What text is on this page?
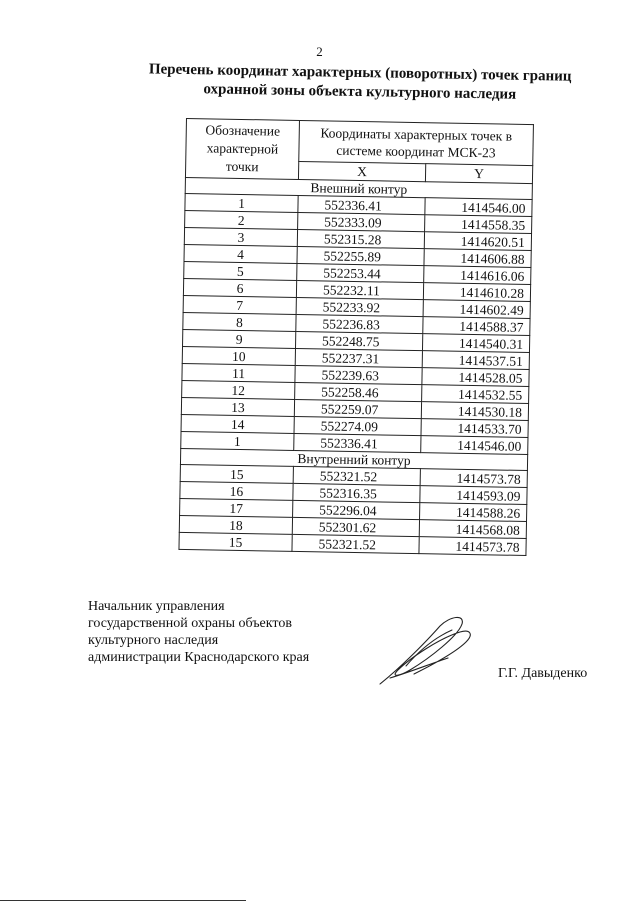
2
Перечень координат характерных (поворотных) точек границ
охранной зоны объекта культурного наследия
Обозначение характерной точки	Координаты характерных точек в системе координат МСК-23	
	X	Y
Внешний контур		
1	552336.41	1414546.00
2	552333.09	1414558.35
3	552315.28	1414620.51
4	552255.89	1414606.88
5	552253.44	1414616.06
6	552232.11	1414610.28
7	552233.92	1414602.49
8	552236.83	1414588.37
9	552248.75	1414540.31
10	552237.31	1414537.51
11	552239.63	1414528.05
12	552258.46	1414532.55
13	552259.07	1414530.18
14	552274.09	1414533.70
1	552336.41	1414546.00
Внутренний контур		
15	552321.52	1414573.78
16	552316.35	1414593.09
17	552296.04	1414588.26
18	552301.62	1414568.08
15	552321.52	1414573.78
Начальник управления
государственной охраны объектов
культурного наследия
администрации Краснодарского края
Г.Г. Давыденко
